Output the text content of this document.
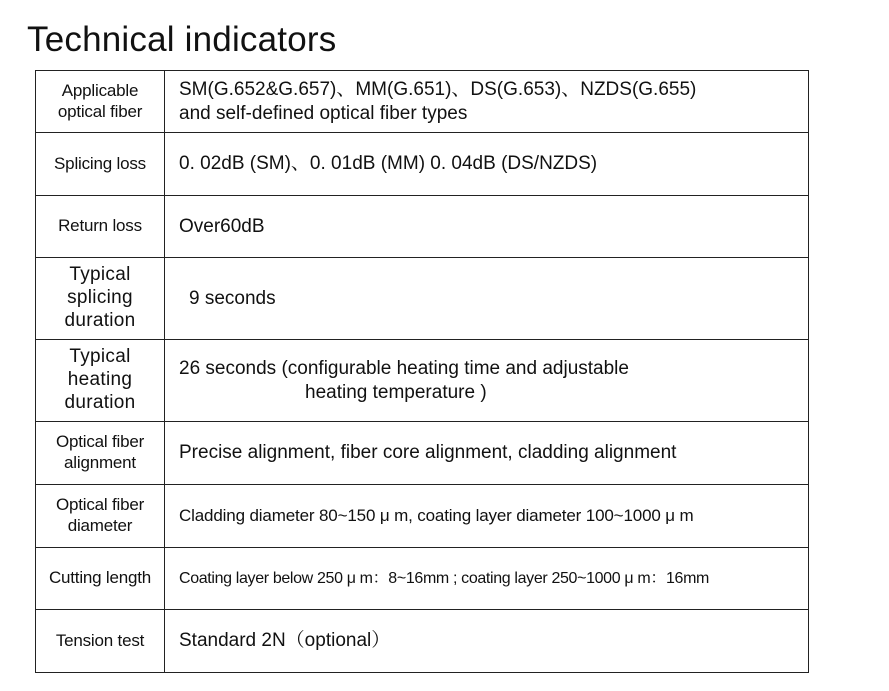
Technical indicators
Applicable optical fiber	SM(G.652&G.657)、MM(G.651)、DS(G.653)、NZDS(G.655)
and self-defined optical fiber types

Splicing loss	0. 02dB (SM)、0. 01dB (MM) 0. 04dB (DS/NZDS)
Return loss	Over60dB
Typical splicing duration	9 seconds
Typical heating duration	26 seconds (configurable heating time and adjustable
heating temperature )

Optical fiber alignment	Precise alignment, fiber core alignment, cladding alignment
Optical fiber diameter	Cladding diameter 80~150 μ m, coating layer diameter 100~1000 μ m
Cutting length	Coating layer below 250 μ m：8~16mm ; coating layer 250~1000 μ m：16mm
Tension test	Standard 2N（optional）
